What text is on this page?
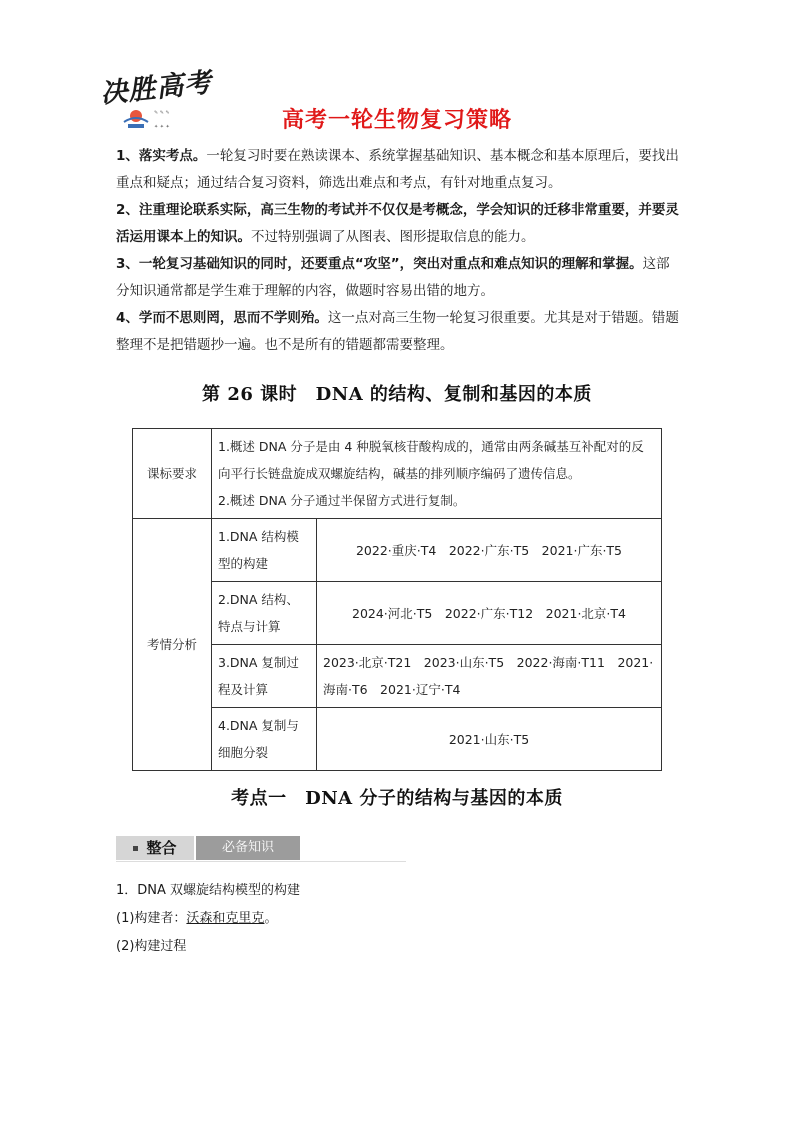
决胜高考
✎ ✎ ✎
✦ ✦ ✦	高考一轮生物复习策略

1、落实考点。一轮复习时要在熟读课本、系统掌握基础知识、基本概念和基本原理后，要找出重点和疑点；通过结合复习资料，筛选出难点和考点，有针对地重点复习。

2、注重理论联系实际，高三生物的考试并不仅仅是考概念，学会知识的迁移非常重要，并要灵活运用课本上的知识。不过特别强调了从图表、图形提取信息的能力。

3、一轮复习基础知识的同时，还要重点“攻坚”，突出对重点和难点知识的理解和掌握。这部分知识通常都是学生难于理解的内容，做题时容易出错的地方。

4、学而不思则罔，思而不学则殆。这一点对高三生物一轮复习很重要。尤其是对于错题。错题整理不是把错题抄一遍。也不是所有的错题都需要整理。

第 26 课时　DNA 的结构、复制和基因的本质
课标要求	1.概述 DNA 分子是由 4 种脱氧核苷酸构成的，通常由两条碱基互补配对的反向平行长链盘旋成双螺旋结构，碱基的排列顺序编码了遗传信息。
2.概述 DNA 分子通过半保留方式进行复制。	

考情分析	1.DNA 结构模型的构建	2022·重庆·T4　2022·广东·T5　2021·广东·T5
	2.DNA 结构、特点与计算	2024·河北·T5　2022·广东·T12　2021·北京·T4
	3.DNA 复制过程及计算	2023·北京·T21　2023·山东·T5　2022·海南·T11　2021·海南·T6　2021·辽宁·T4
	4.DNA 复制与细胞分裂	2021·山东·T5
考点一　DNA 分子的结构与基因的本质
整合	必备知识

1．DNA 双螺旋结构模型的构建

(1)构建者：沃森和克里克。

(2)构建过程
